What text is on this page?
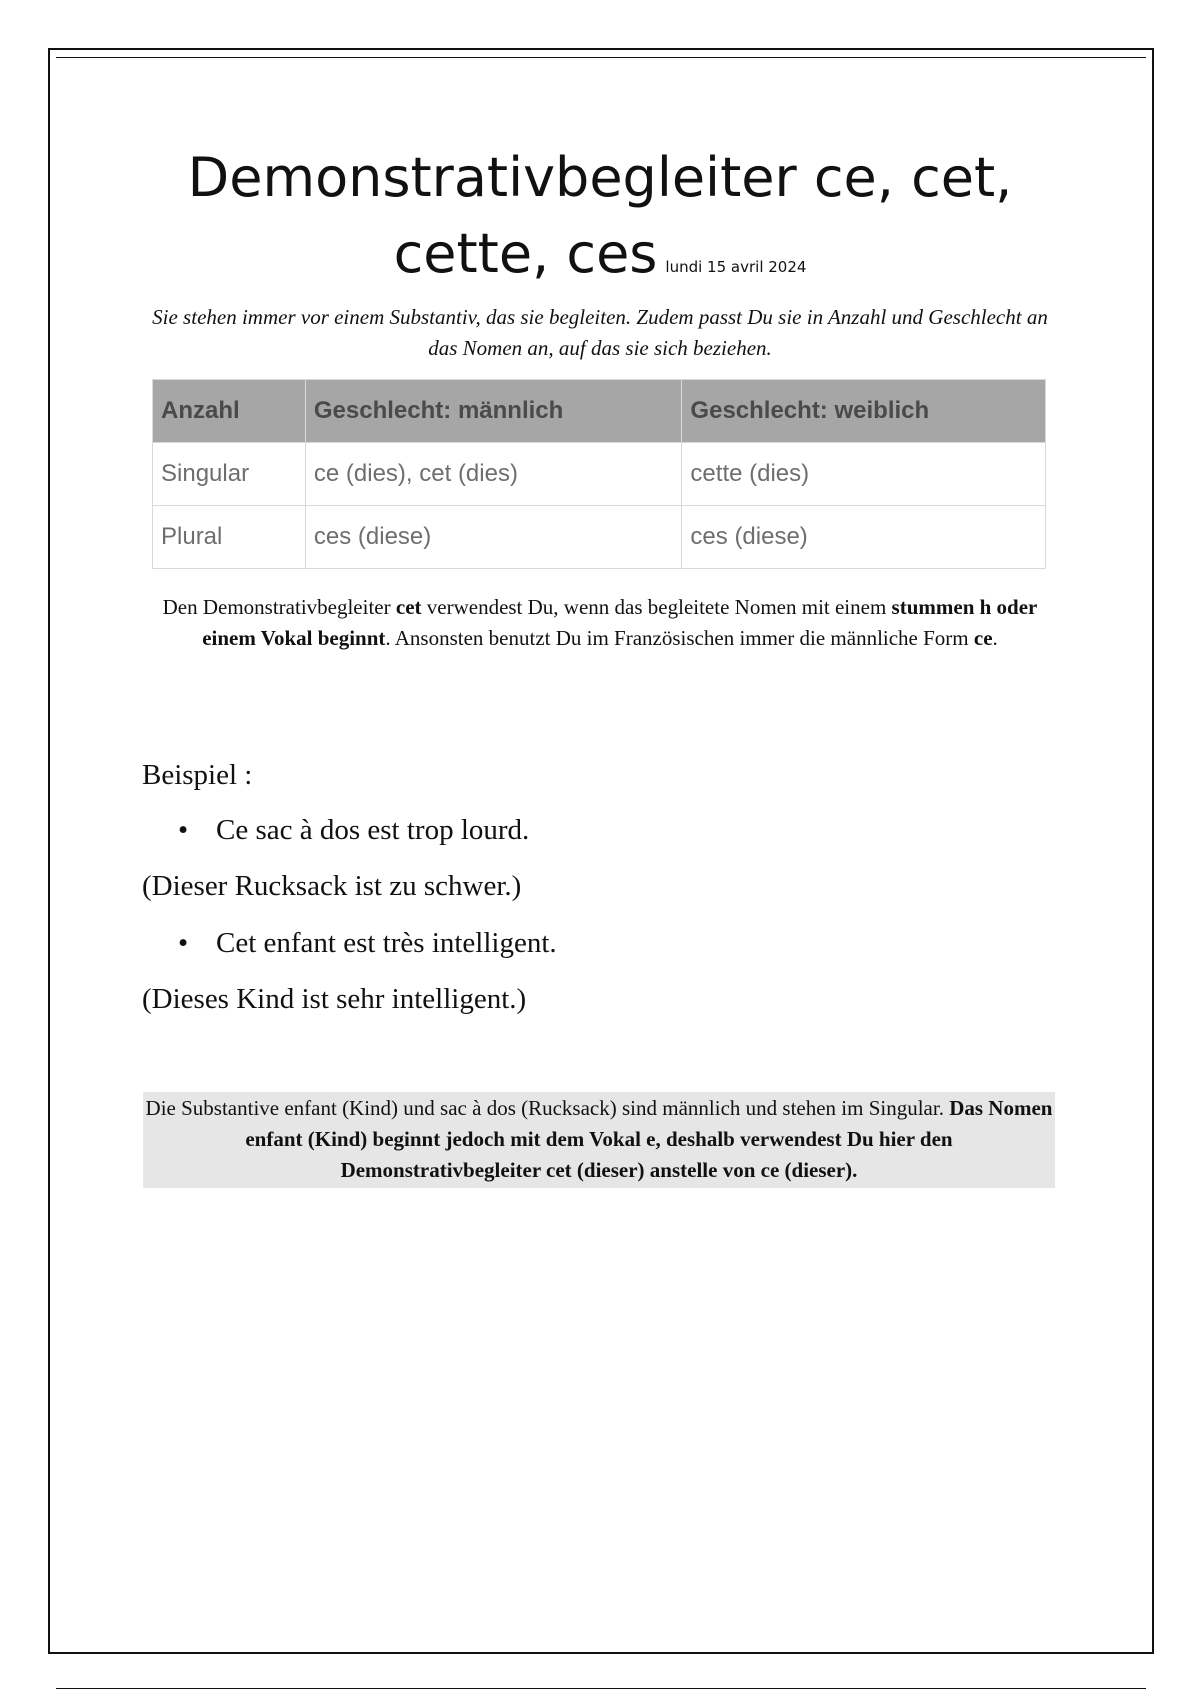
Demonstrativbegleiter ce, cet,
cette, ces lundi 15 avril 2024
Sie stehen immer vor einem Substantiv, das sie begleiten. Zudem passt Du sie in Anzahl und Geschlecht an das Nomen an, auf das sie sich beziehen.
Anzahl	Geschlecht: männlich	Geschlecht: weiblich
Singular	ce (dies), cet (dies)	cette (dies)
Plural	ces (diese)	ces (diese)
Den Demonstrativbegleiter cet verwendest Du, wenn das begleitete Nomen mit einem stummen h oder einem Vokal beginnt. Ansonsten benutzt Du im Französischen immer die männliche Form ce.
Beispiel :
• Ce sac à dos est trop lourd.
(Dieser Rucksack ist zu schwer.)
• Cet enfant est très intelligent.
(Dieses Kind ist sehr intelligent.)
Die Substantive enfant (Kind) und sac à dos (Rucksack) sind männlich und stehen im Singular. Das Nomen enfant (Kind) beginnt jedoch mit dem Vokal e, deshalb verwendest Du hier den Demonstrativbegleiter cet (dieser) anstelle von ce (dieser).
